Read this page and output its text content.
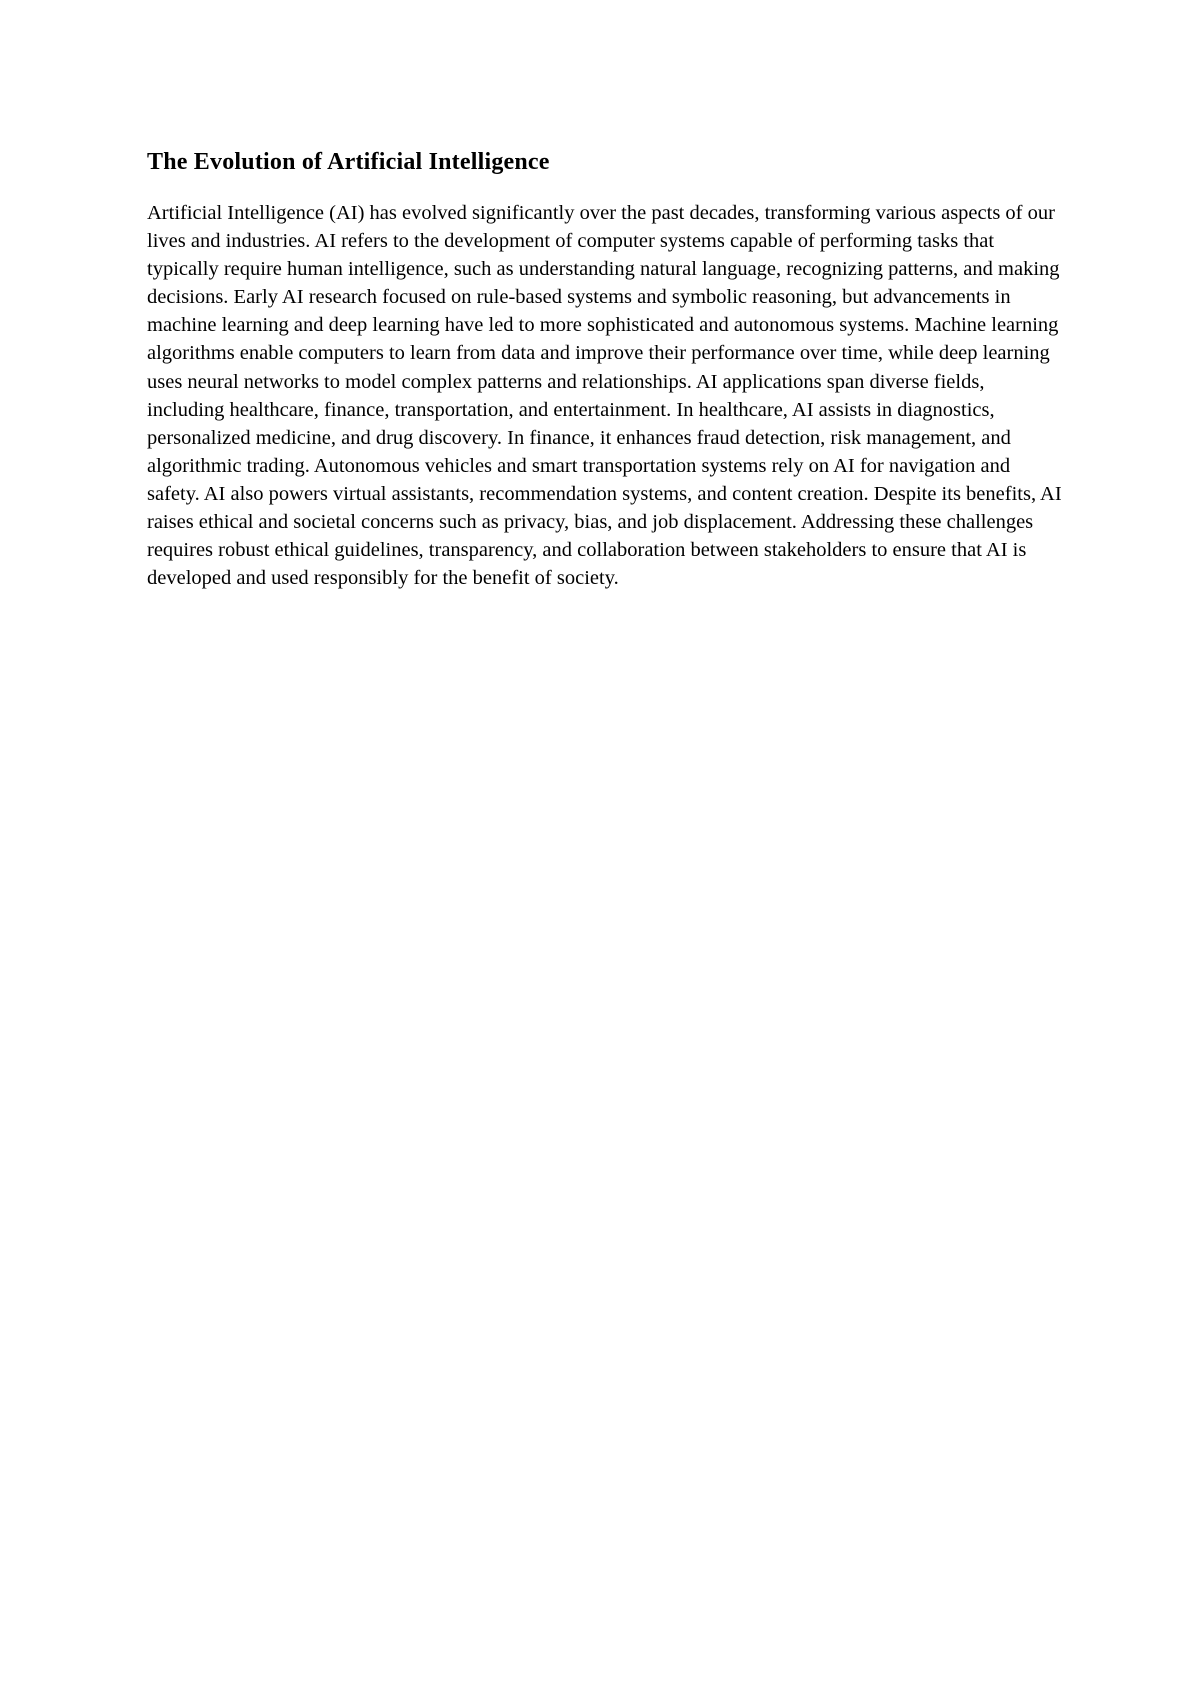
The Evolution of Artificial Intelligence

Artificial Intelligence (AI) has evolved significantly over the past decades, transforming various aspects of our lives and industries. AI refers to the development of computer systems capable of performing tasks that typically require human intelligence, such as understanding natural language, recognizing patterns, and making decisions. Early AI research focused on rule-based systems and symbolic reasoning, but advancements in machine learning and deep learning have led to more sophisticated and autonomous systems. Machine learning algorithms enable computers to learn from data and improve their performance over time, while deep learning uses neural networks to model complex patterns and relationships. AI applications span diverse fields, including healthcare, finance, transportation, and entertainment. In healthcare, AI assists in diagnostics, personalized medicine, and drug discovery. In finance, it enhances fraud detection, risk management, and algorithmic trading. Autonomous vehicles and smart transportation systems rely on AI for navigation and safety. AI also powers virtual assistants, recommendation systems, and content creation. Despite its benefits, AI raises ethical and societal concerns such as privacy, bias, and job displacement. Addressing these challenges requires robust ethical guidelines, transparency, and collaboration between stakeholders to ensure that AI is developed and used responsibly for the benefit of society.
